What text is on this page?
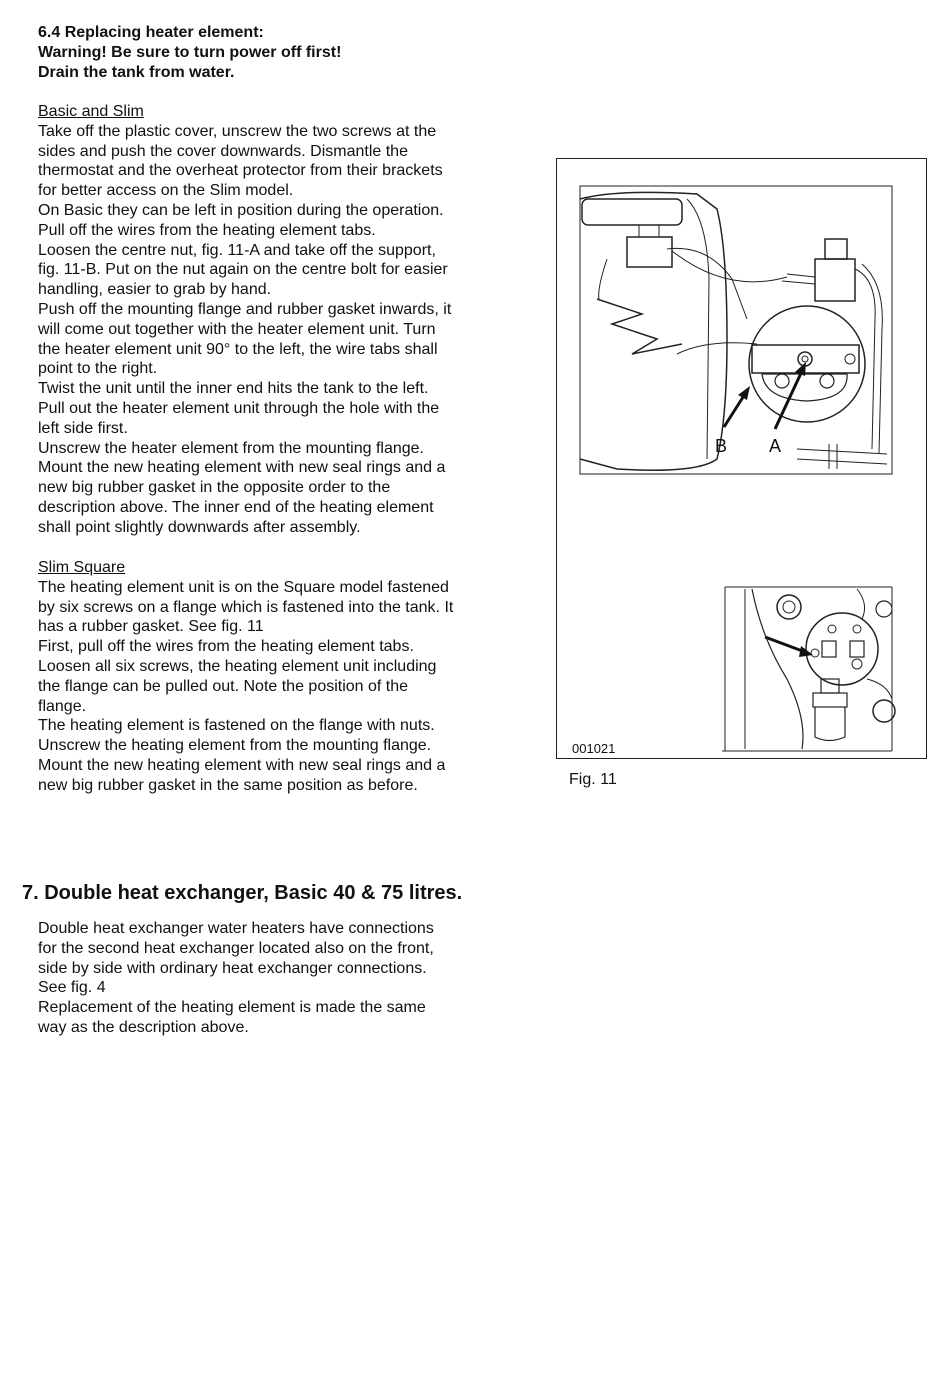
6.4 Replacing heater element:
Warning! Be sure to turn power off first!
Drain the tank from water.
Basic and Slim
Take off the plastic cover, unscrew the two screws at the
sides and push the cover downwards. Dismantle the
thermostat and the overheat protector from their brackets
for better access on the Slim model.
On Basic they can be left in position during the operation.
Pull off the wires from the heating element tabs.
Loosen the centre nut, fig. 11-A and take off the support,
fig. 11-B. Put on the nut again on the centre bolt for easier
handling, easier to grab by hand.
Push off the mounting flange and rubber gasket inwards, it
will come out together with the heater element unit. Turn
the heater element unit 90° to the left, the wire tabs shall
point to the right.
Twist the unit until the inner end hits the tank to the left.
Pull out the heater element unit through the hole with the
left side first.
Unscrew the heater element from the mounting flange.
Mount the new heating element with new seal rings and a
new big rubber gasket in the opposite order to the
description above. The inner end of the heating element
shall point slightly downwards after assembly.
Slim Square
The heating element unit is on the Square model fastened
by six screws on a flange which is fastened into the tank. It
has a rubber gasket. See fig. 11
First, pull off the wires from the heating element tabs.
Loosen all six screws, the heating element unit including
the flange can be pulled out. Note the position of the
flange.
The heating element is fastened on the flange with nuts.
Unscrew the heating element from the mounting flange.
Mount the new heating element with new seal rings and a
new big rubber gasket in the same position as before.
7. Double heat exchanger, Basic 40 & 75 litres.
Double heat exchanger water heaters have connections
for the second heat exchanger located also on the front,
side by side with ordinary heat exchanger connections.
See fig. 4
Replacement of the heating element is made the same
way as the description above.
B A
001021
Fig. 11
